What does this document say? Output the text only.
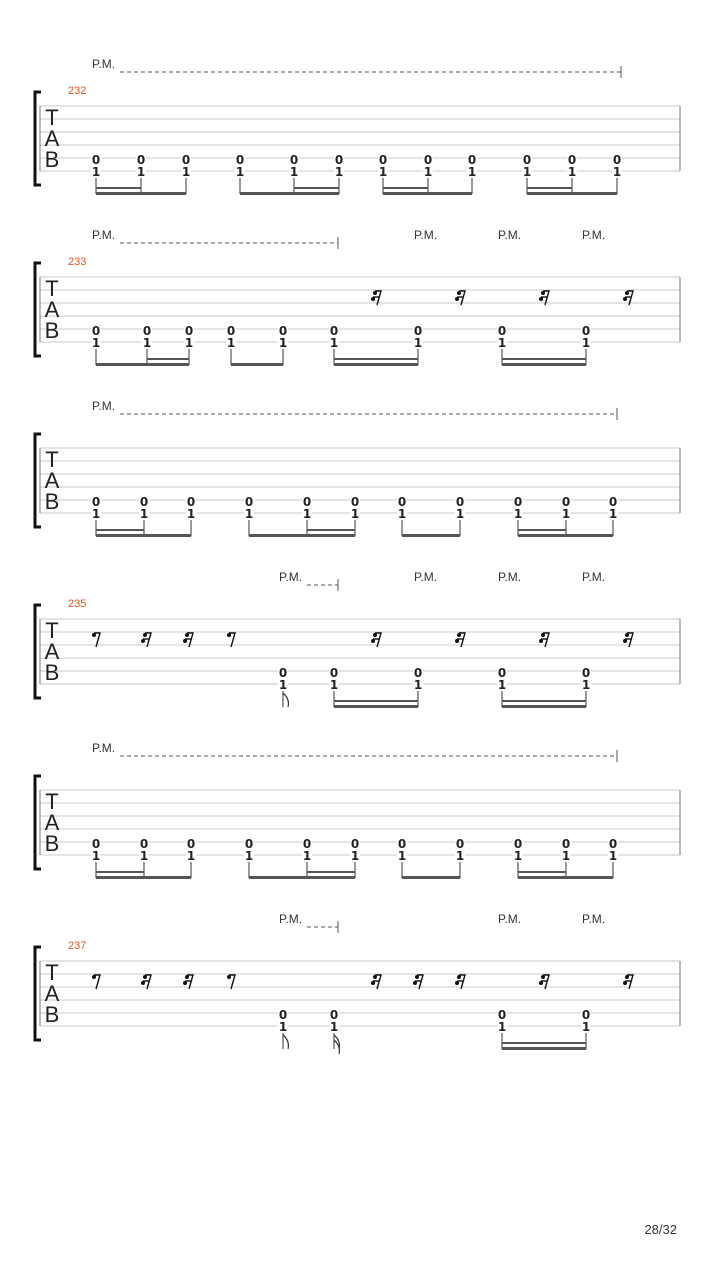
T
A
B
232
P.M.
0
1
0
1
0
1
0
1
0
1
0
1
0
1
0
1
0
1
0
1
0
1
0
1
T
A
B
233
P.M.	P.M.	P.M.	P.M.
0
1
0
1
0
1
0
1
0
1
0
1
0
1
0
1
0
1
T
A
B
P.M.
0
1
0
1
0
1
0
1
0
1
0
1
0
1
0
1
0
1
0
1
0
1
T
A
B
235
P.M.	P.M.	P.M.	P.M.
0
1
0
1
0
1
0
1
0
1
T
A
B
P.M.
0
1
0
1
0
1
0
1
0
1
0
1
0
1
0
1
0
1
0
1
0
1
T
A
B
237
P.M.	P.M.	P.M.
0
1
0
1
0
1
0
1
28/32
